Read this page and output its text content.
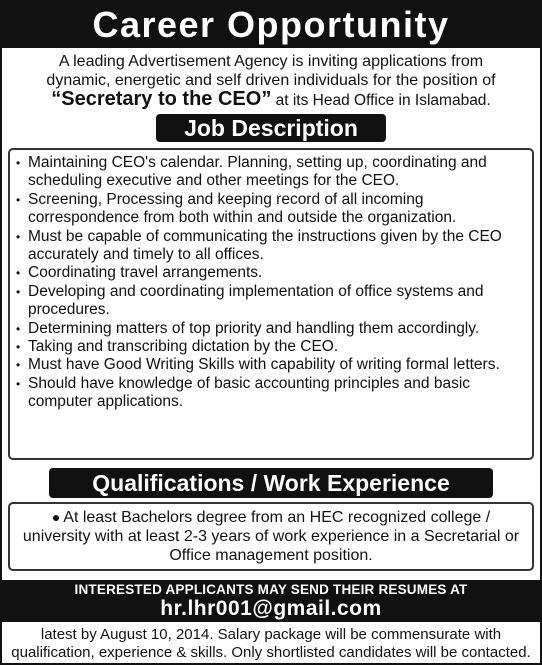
Career Opportunity
A leading Advertisement Agency is inviting applications from
dynamic, energetic and self driven individuals for the position of
“Secretary to the CEO” at its Head Office in Islamabad.
Job Description
• Maintaining CEO's calendar. Planning, setting up, coordinating and scheduling executive and other meetings for the CEO.
• Screening, Processing and keeping record of all incoming correspondence from both within and outside the organization.
• Must be capable of communicating the instructions given by the CEO accurately and timely to all offices.
• Coordinating travel arrangements.
• Developing and coordinating implementation of office systems and procedures.
• Determining matters of top priority and handling them accordingly.
• Taking and transcribing dictation by the CEO.
• Must have Good Writing Skills with capability of writing formal letters.
• Should have knowledge of basic accounting principles and basic computer applications.
Qualifications / Work Experience
● At least Bachelors degree from an HEC recognized college / university with at least 2-3 years of work experience in a Secretarial or Office management position.
INTERESTED APPLICANTS MAY SEND THEIR RESUMES AT
hr.lhr001@gmail.com
latest by August 10, 2014. Salary package will be commensurate with qualification, experience & skills. Only shortlisted candidates will be contacted.
